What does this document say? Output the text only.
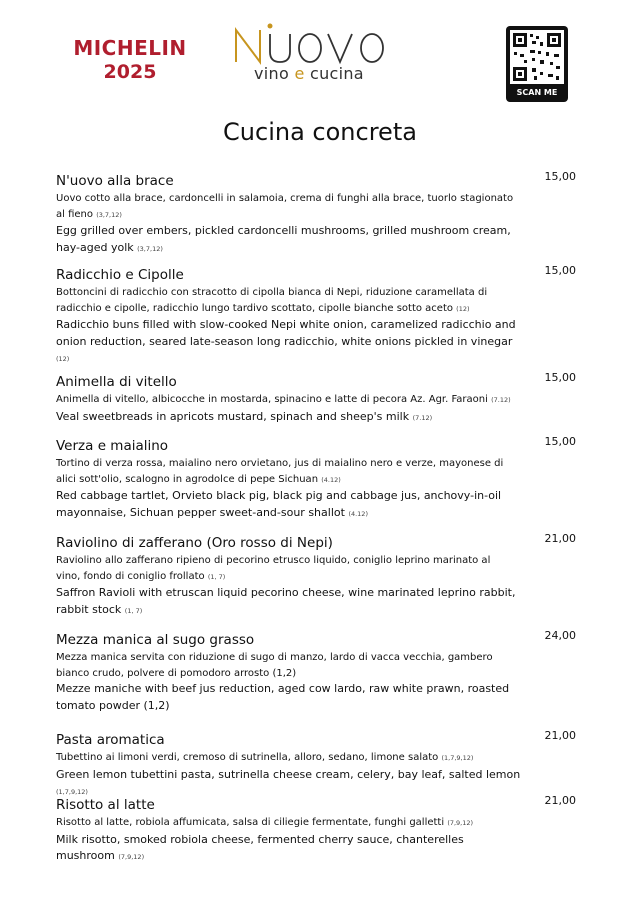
MICHELIN
2025	vino e cucina
SCAN ME
Cucina concreta
N'uovo alla brace	15,00
Uovo cotto alla brace, cardoncelli in salamoia, crema di funghi alla brace, tuorlo stagionato al fieno (3,7,12)
Egg grilled over embers, pickled cardoncelli mushrooms, grilled mushroom cream, hay-aged yolk (3,7,12)
Radicchio e Cipolle	15,00
Bottoncini di radicchio con stracotto di cipolla bianca di Nepi, riduzione caramellata di radicchio e cipolle, radicchio lungo tardivo scottato, cipolle bianche sotto aceto (12)
Radicchio buns filled with slow-cooked Nepi white onion, caramelized radicchio and onion reduction, seared late-season long radicchio, white onions pickled in vinegar (12)
Animella di vitello	15,00
Animella di vitello, albicocche in mostarda, spinacino e latte di pecora Az. Agr. Faraoni (7.12)
Veal sweetbreads in apricots mustard, spinach and sheep's milk (7.12)
Verza e maialino	15,00
Tortino di verza rossa, maialino nero orvietano, jus di maialino nero e verze, mayonese di alici sott'olio, scalogno in agrodolce di pepe Sichuan (4.12)
Red cabbage tartlet, Orvieto black pig, black pig and cabbage jus, anchovy-in-oil mayonnaise, Sichuan pepper sweet-and-sour shallot (4.12)
Raviolino di zafferano (Oro rosso di Nepi)	21,00
Raviolino allo zafferano ripieno di pecorino etrusco liquido, coniglio leprino marinato al vino, fondo di coniglio frollato (1, 7)
Saffron Ravioli with etruscan liquid pecorino cheese, wine marinated leprino rabbit, rabbit stock (1, 7)
Mezza manica al sugo grasso	24,00
Mezza manica servita con riduzione di sugo di manzo, lardo di vacca vecchia, gambero bianco crudo, polvere di pomodoro arrosto (1,2)
Mezze maniche with beef jus reduction, aged cow lardo, raw white prawn, roasted tomato powder (1,2)
Pasta aromatica	21,00
Tubettino ai limoni verdi, cremoso di sutrinella, alloro, sedano, limone salato (1,7,9,12)
Green lemon tubettini pasta, sutrinella cheese cream, celery, bay leaf, salted lemon (1,7,9,12)
Risotto al latte	21,00
Risotto al latte, robiola affumicata, salsa di ciliegie fermentate, funghi galletti (7,9,12)
Milk risotto, smoked robiola cheese, fermented cherry sauce, chanterelles mushroom (7,9,12)
